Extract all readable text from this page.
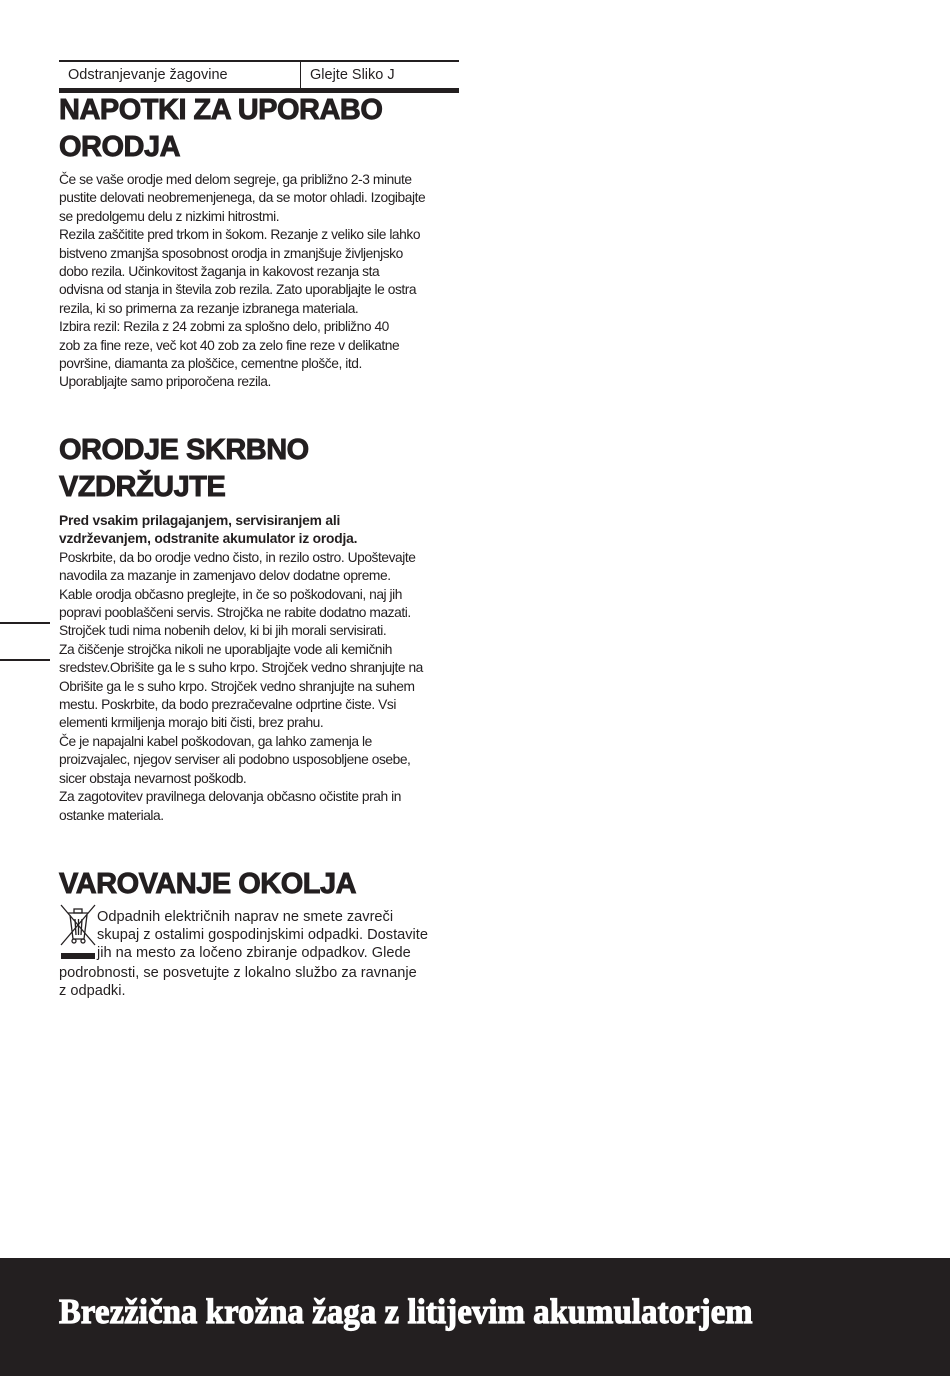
Odstranjevanje žagovine	Glejte Sliko J
NAPOTKI ZA UPORABO
ORODJA

Če se vaše orodje med delom segreje, ga približno 2-3 minute

pustite delovati neobremenjenega, da se motor ohladi. Izogibajte

se predolgemu delu z nizkimi hitrostmi.

Rezila zaščitite pred trkom in šokom. Rezanje z veliko sile lahko

bistveno zmanjša sposobnost orodja in zmanjšuje življenjsko

dobo rezila. Učinkovitost žaganja in kakovost rezanja sta

odvisna od stanja in števila zob rezila. Zato uporabljajte le ostra

rezila, ki so primerna za rezanje izbranega materiala.

Izbira rezil: Rezila z 24 zobmi za splošno delo, približno 40

zob za fine reze, več kot 40 zob za zelo fine reze v delikatne

površine, diamanta za ploščice, cementne plošče, itd.

Uporabljajte samo priporočena rezila.

ORODJE SKRBNO
VZDRŽUJTE

Pred vsakim prilagajanjem, servisiranjem ali

vzdrževanjem, odstranite akumulator iz orodja.

Poskrbite, da bo orodje vedno čisto, in rezilo ostro. Upoštevajte

navodila za mazanje in zamenjavo delov dodatne opreme.

Kable orodja občasno preglejte, in če so poškodovani, naj jih

popravi pooblaščeni servis. Strojčka ne rabite dodatno mazati.

Strojček tudi nima nobenih delov, ki bi jih morali servisirati.

Za čiščenje strojčka nikoli ne uporabljajte vode ali kemičnih

sredstev.Obrišite ga le s suho krpo. Strojček vedno shranjujte na

Obrišite ga le s suho krpo. Strojček vedno shranjujte na suhem

mestu. Poskrbite, da bodo prezračevalne odprtine čiste. Vsi

elementi krmiljenja morajo biti čisti, brez prahu.

Če je napajalni kabel poškodovan, ga lahko zamenja le

proizvajalec, njegov serviser ali podobno usposobljene osebe,

sicer obstaja nevarnost poškodb.

Za zagotovitev pravilnega delovanja občasno očistite prah in

ostanke materiala.

VAROVANJE OKOLJA
Odpadnih električnih naprav ne smete zavreči
skupaj z ostalimi gospodinjskimi odpadki. Dostavite
jih na mesto za ločeno zbiranje odpadkov. Glede
podrobnosti, se posvetujte z lokalno službo za ravnanje
z odpadki.
Brezžična krožna žaga z litijevim akumulatorjem
